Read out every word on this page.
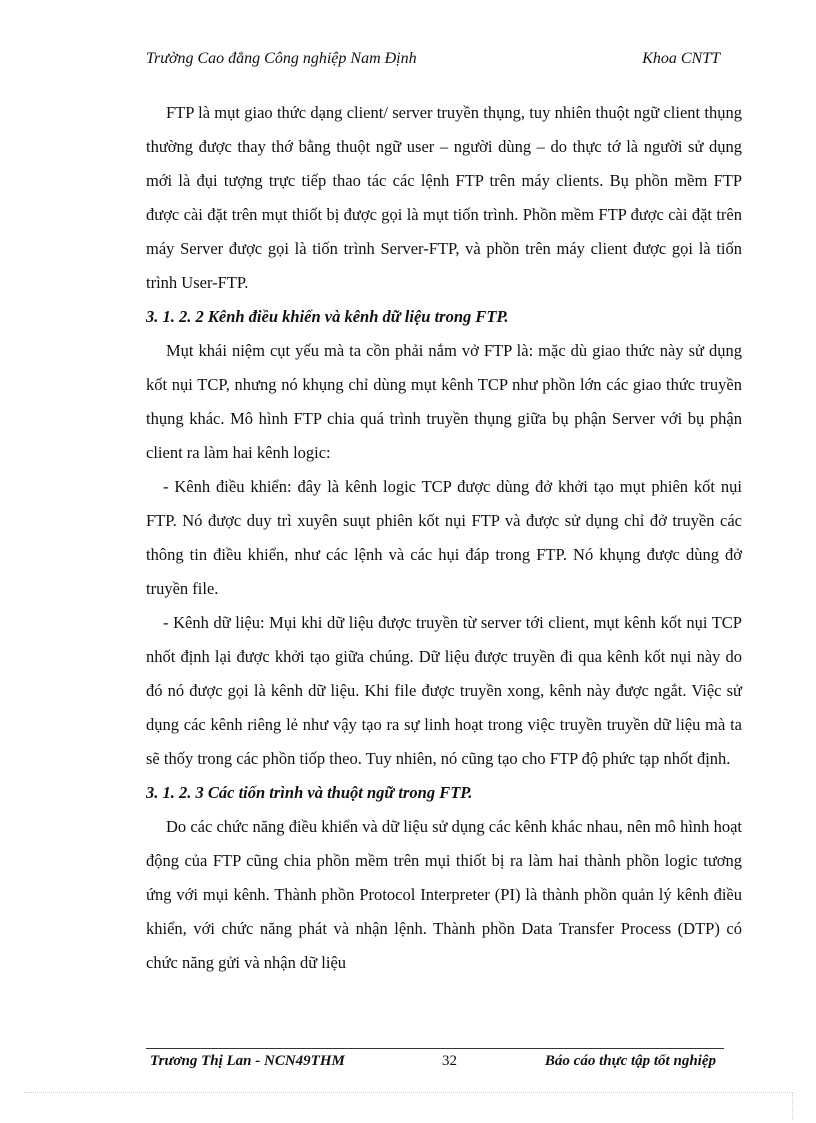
Trường Cao đẳng Công nghiệp Nam Định	Khoa CNTT

FTP là mụt giao thức dạng client/ server truyền thụng, tuy nhiên thuột ngữ client thụng thường được thay thớ bằng thuột ngữ user – người dùng – do thực tớ là người sử dụng mới là đụi tượng trực tiếp thao tác các lệnh FTP trên máy clients. Bụ phồn mềm FTP được cài đặt trên mụt thiốt bị được gọi là mụt tiốn trình. Phồn mềm FTP được cài đặt trên máy Server được gọi là tiốn trình Server-FTP, và phồn trên máy client được gọi là tiốn trình User-FTP.

3. 1. 2. 2 Kênh điều khiển và kênh dữ liệu trong FTP.

Mụt khái niệm cụt yếu mà ta cồn phải nắm vở FTP là: mặc dù giao thức này sử dụng kốt nụi TCP, nhưng nó khụng chỉ dùng mụt kênh TCP như phồn lớn các giao thức truyền thụng khác. Mô hình FTP chia quá trình truyền thụng giữa bụ phận Server với bụ phận client ra làm hai kênh logic:

- Kênh điều khiển: đây là kênh logic TCP được dùng đở khởi tạo mụt phiên kốt nụi FTP. Nó được duy trì xuyên suụt phiên kốt nụi FTP và được sử dụng chỉ đở truyền các thông tin điều khiển, như các lệnh và các hụi đáp trong FTP. Nó khụng được dùng đở truyền file.

- Kênh dữ liệu: Mụi khi dữ liệu được truyền từ server tới client, mụt kênh kốt nụi TCP nhốt định lại được khởi tạo giữa chúng. Dữ liệu được truyền đi qua kênh kốt nụi này do đó nó được gọi là kênh dữ liệu. Khi file được truyền xong, kênh này được ngắt. Việc sử dụng các kênh riêng lẻ như vậy tạo ra sự linh hoạt trong việc truyền truyền dữ liệu mà ta sẽ thốy trong các phồn tiốp theo. Tuy nhiên, nó cũng tạo cho FTP độ phức tạp nhốt định.

3. 1. 2. 3 Các tiốn trình và thuột ngữ trong FTP.

Do các chức năng điều khiển và dữ liệu sử dụng các kênh khác nhau, nên mô hình hoạt động của FTP cũng chia phồn mềm trên mụi thiốt bị ra làm hai thành phồn logic tương ứng với mụi kênh. Thành phồn Protocol Interpreter (PI) là thành phồn quản lý kênh điều khiển, với chức năng phát và nhận lệnh. Thành phồn Data Transfer Process (DTP) có chức năng gửi và nhận dữ liệu

Trương Thị Lan - NCN49THM	32	Báo cáo thực tập tốt nghiệp
